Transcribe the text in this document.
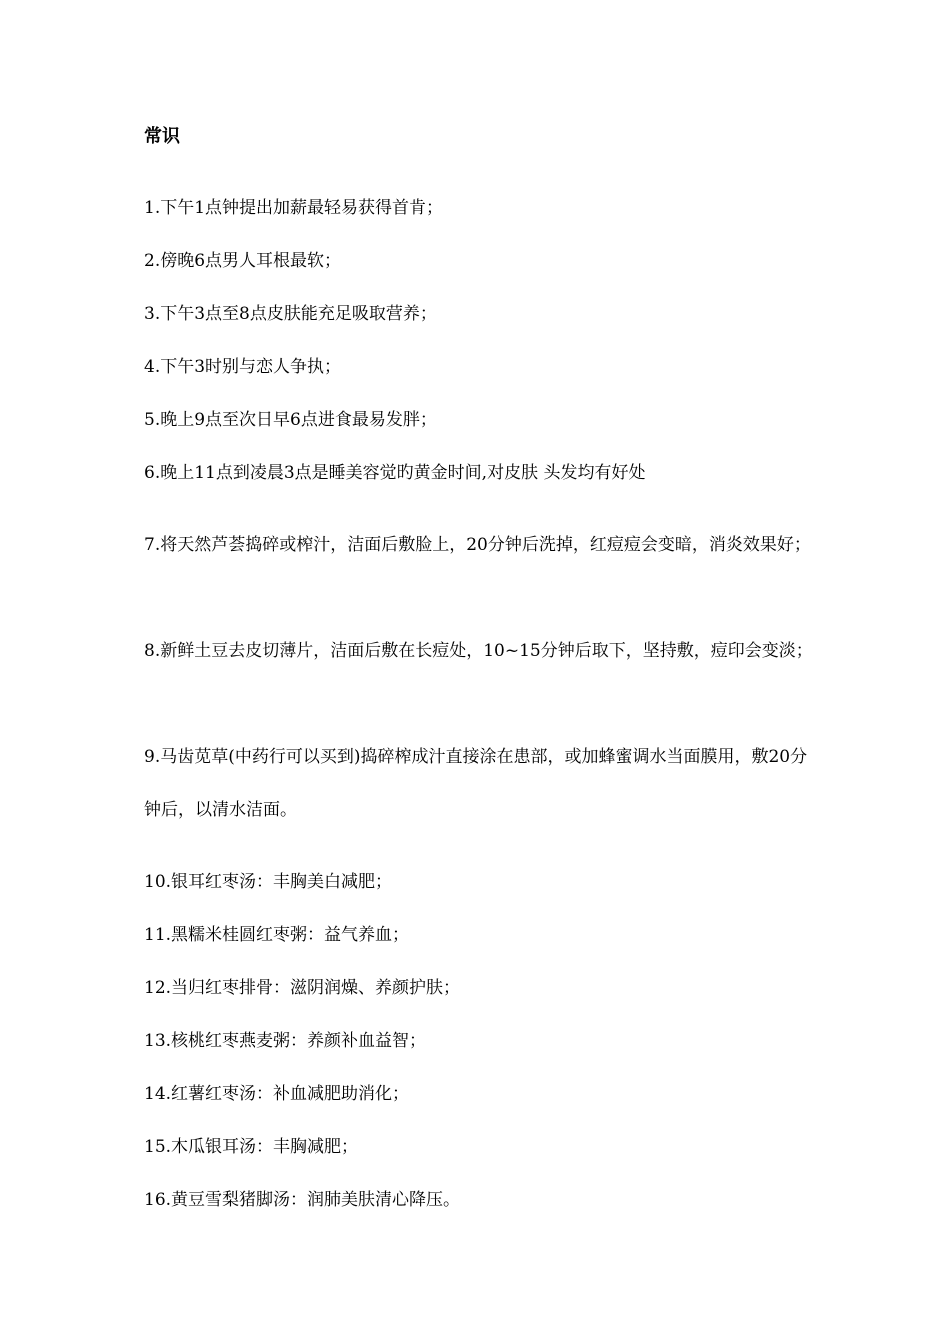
常识
1.下午1点钟提出加薪最轻易获得首肯；
2.傍晚6点男人耳根最软；
3.下午3点至8点皮肤能充足吸取营养；
4.下午3时别与恋人争执；
5.晚上9点至次日早6点进食最易发胖；
6.晚上11点到凌晨3点是睡美容觉旳黄金时间,对皮肤 头发均有好处
7.将天然芦荟捣碎或榨汁，洁面后敷脸上，20分钟后洗掉，红痘痘会变暗，消炎效果好；
8.新鲜土豆去皮切薄片，洁面后敷在长痘处，10~15分钟后取下，坚持敷，痘印会变淡；
9.马齿苋草(中药行可以买到)捣碎榨成汁直接涂在患部，或加蜂蜜调水当面膜用，敷20分钟后，以清水洁面。
10.银耳红枣汤：丰胸美白减肥；
11.黑糯米桂圆红枣粥：益气养血；
12.当归红枣排骨：滋阴润燥、养颜护肤；
13.核桃红枣燕麦粥：养颜补血益智；
14.红薯红枣汤：补血减肥助消化；
15.木瓜银耳汤：丰胸减肥；
16.黄豆雪梨猪脚汤：润肺美肤清心降压。
